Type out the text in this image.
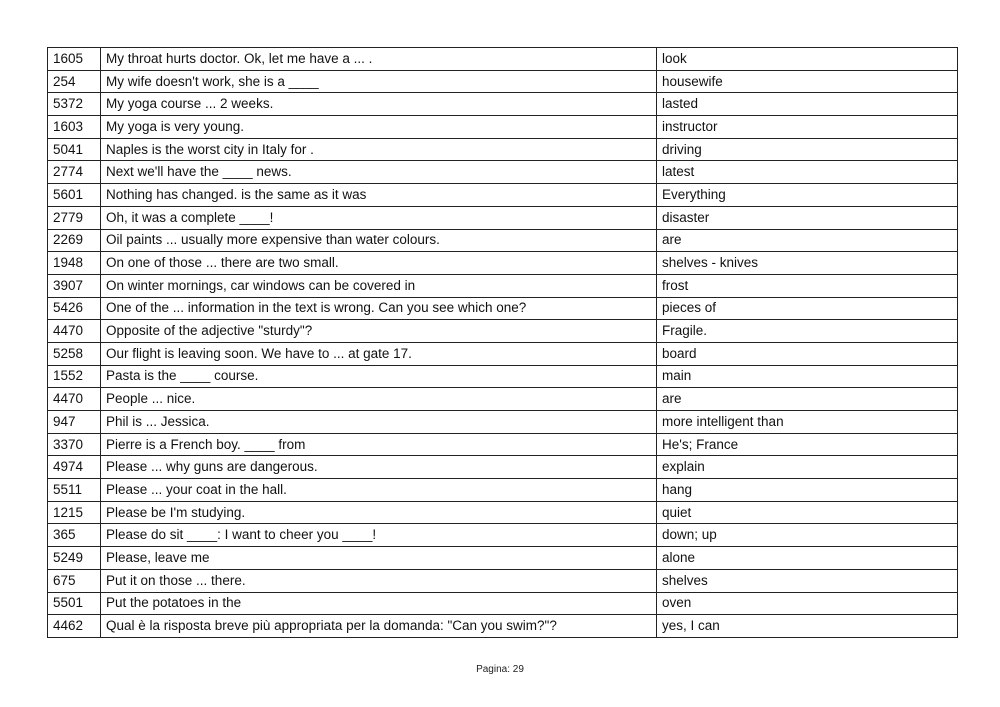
1605	My throat hurts doctor. Ok, let me have a ... .	look
254	My wife doesn't work, she is a ____	housewife
5372	My yoga course ... 2 weeks.	lasted
1603	My yoga is very young.	instructor
5041	Naples is the worst city in Italy for .	driving
2774	Next we'll have the ____ news.	latest
5601	Nothing has changed. is the same as it was	Everything
2779	Oh, it was a complete ____!	disaster
2269	Oil paints ... usually more expensive than water colours.	are
1948	On one of those ... there are two small.	shelves - knives
3907	On winter mornings, car windows can be covered in	frost
5426	One of the ... information in the text is wrong. Can you see which one?	pieces of
4470	Opposite of the adjective "sturdy"?	Fragile.
5258	Our flight is leaving soon. We have to ... at gate 17.	board
1552	Pasta is the ____ course.	main
4470	People ... nice.	are
947	Phil is ... Jessica.	more intelligent than
3370	Pierre is a French boy. ____ from	He's; France
4974	Please ... why guns are dangerous.	explain
5511	Please ... your coat in the hall.	hang
1215	Please be I'm studying.	quiet
365	Please do sit ____: I want to cheer you ____!	down; up
5249	Please, leave me	alone
675	Put it on those ... there.	shelves
5501	Put the potatoes in the	oven
4462	Qual è la risposta breve più appropriata per la domanda: "Can you swim?"?	yes, I can
Pagina: 29
